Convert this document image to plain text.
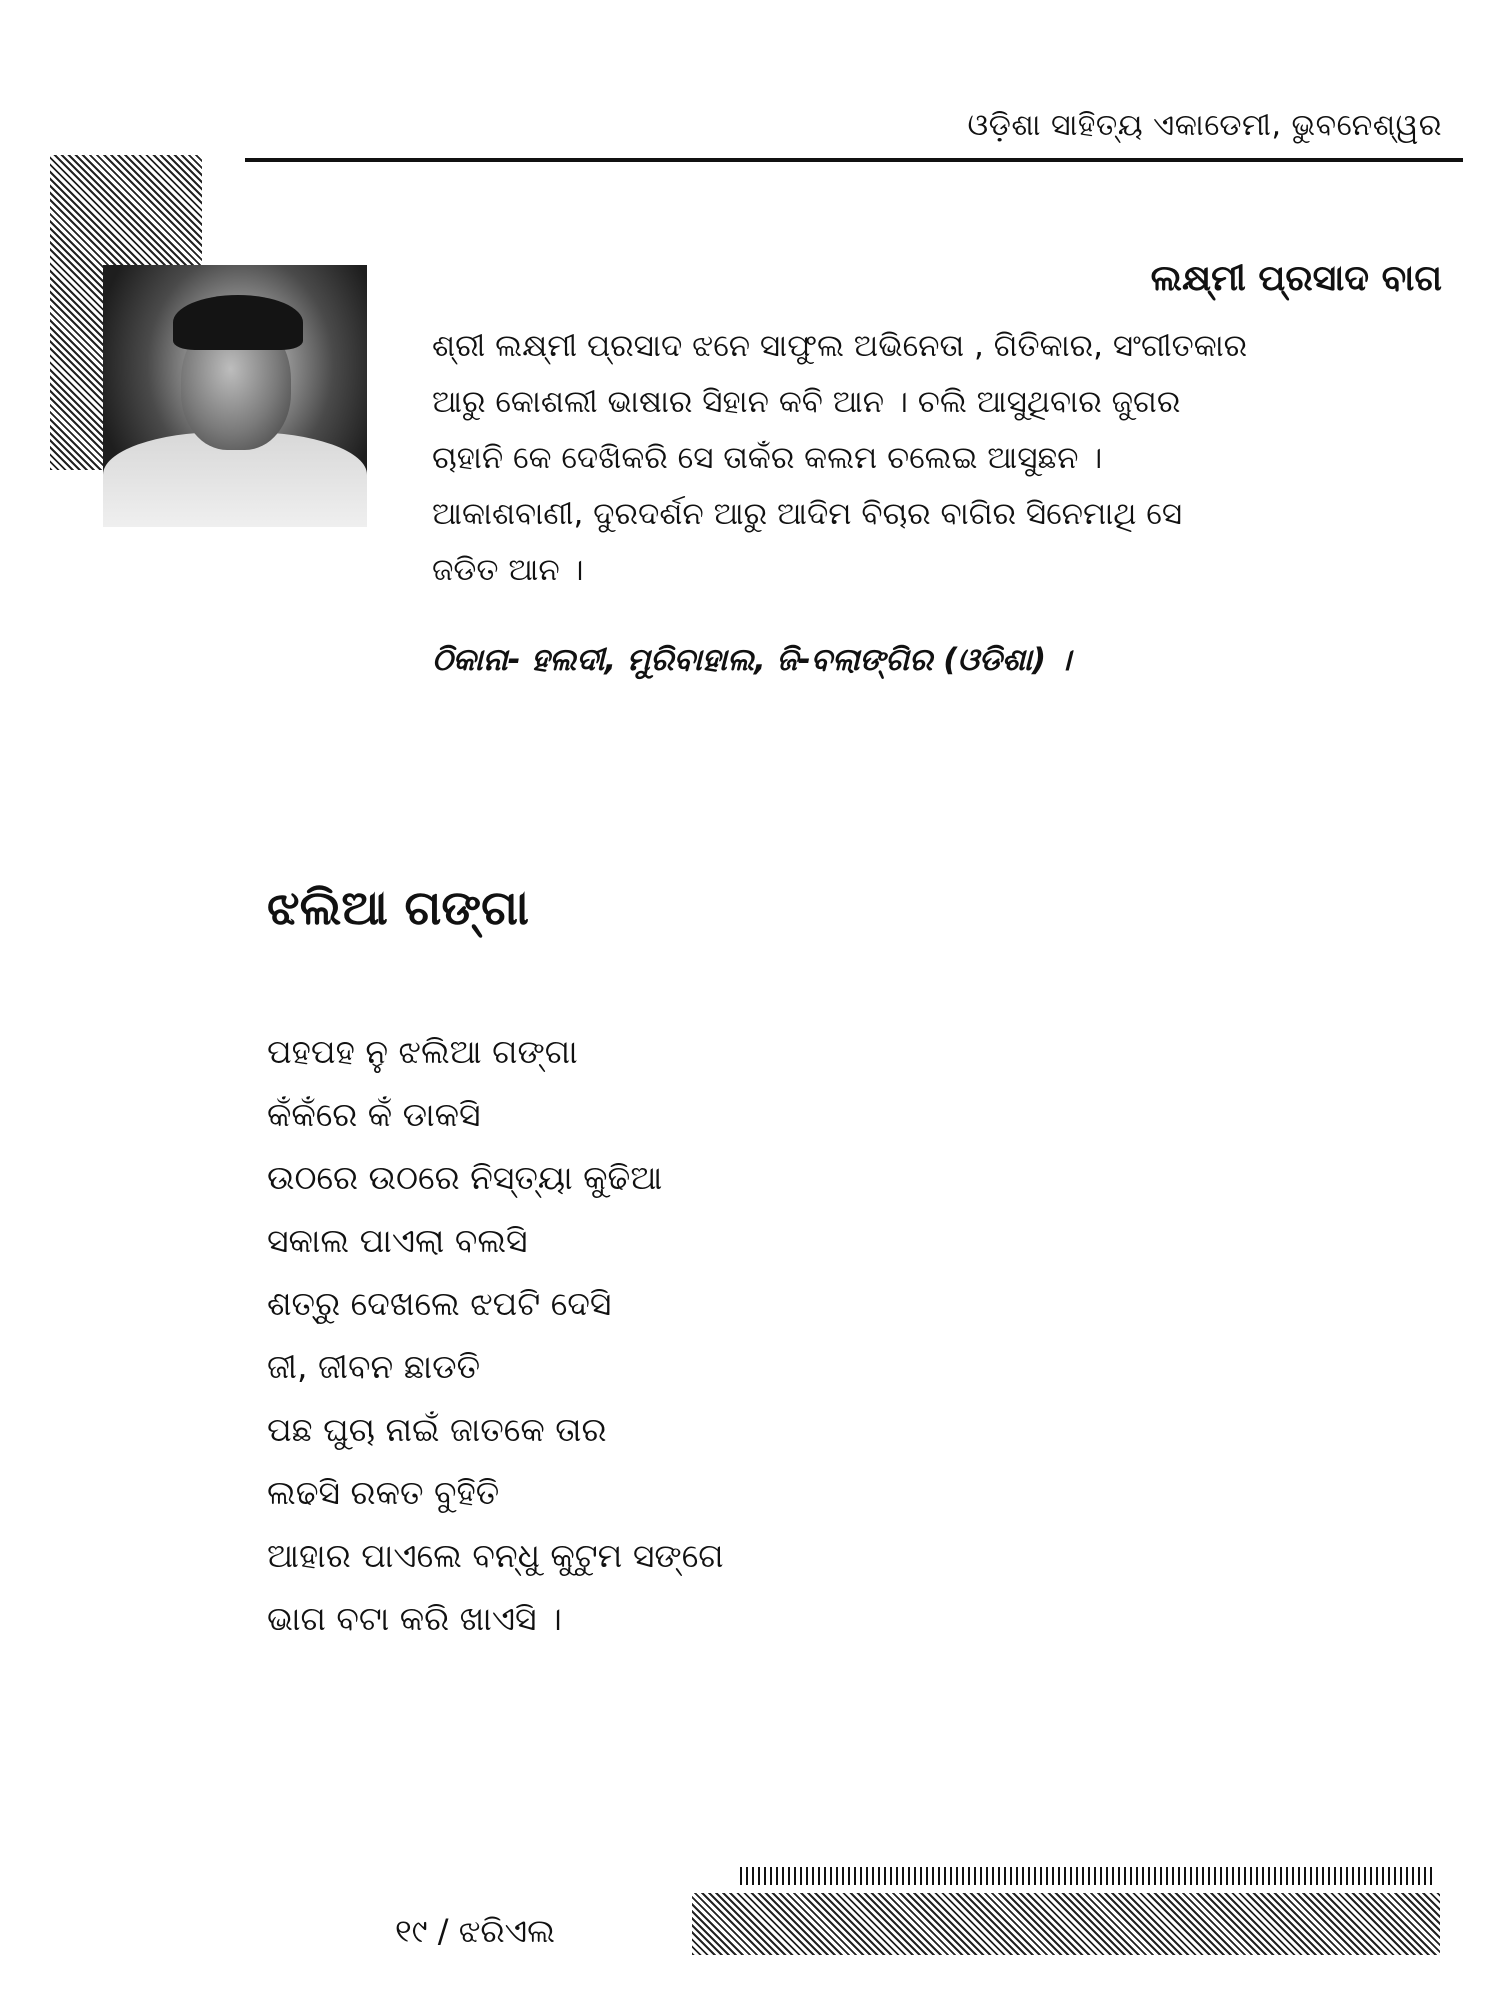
ଓଡ଼ିଶା ସାହିତ୍ୟ ଏକାଡେମୀ, ଭୁବନେଶ୍ୱର
ଲକ୍ଷ୍ମୀ ପ୍ରସାଦ ବାଗ
ଶ୍ରୀ ଲକ୍ଷ୍ମୀ ପ୍ରସାଦ ଝନେ ସାଫୁଲ ଅଭିନେତା , ଗିତିକାର, ସଂଗୀତକାର
ଆରୁ କୋଶଲୀ ଭାଷାର ସିହାନ କବି ଆନ । ଚଲି ଆସୁଥିବାର ଜୁଗର
ଚାହାନି କେ ଦେଖିକରି ସେ ତାକଁର କଲମ ଚଲେଇ ଆସୁଛନ ।
ଆକାଶବାଣୀ, ଦୁରଦର୍ଶନ ଆରୁ ଆଦିମ ବିଚାର ବାଗିର ସିନେମାଥି ସେ
ଜଡିତ ଆନ ।
ଠିକାନା- ହଲଦୀ, ମୁରିବାହାଲ, ଜି-ବଲାଙ୍ଗିର (ଓଡିଶା) ।
ଝଲିଆ ଗଙ୍ଗା
ପହପହ ନୁ ଝଲିଆ ଗଙ୍ଗା
କଁକଁରେ କଁ ଡାକସି
ଉଠରେ ଉଠରେ ନିସ୍ତ୍ୟା କୁଢିଆ
ସକାଲ ପାଏଲା ବଲସି
ଶତ୍ରୁ ଦେଖଲେ ଝପଟି ଦେସି
ଜୀ, ଜୀବନ ଛାଡତି
ପଛ ଘୁଚା ନାଇଁ ଜାତକେ ତାର
ଲଢସି ରକତ ବୁହିତି
ଆହାର ପାଏଲେ ବନ୍ଧୁ କୁଟୁମ ସଙ୍ଗେ
ଭାଗ ବଟା କରି ଖାଏସି ।
୧୯ / ଝରିଏଲ
